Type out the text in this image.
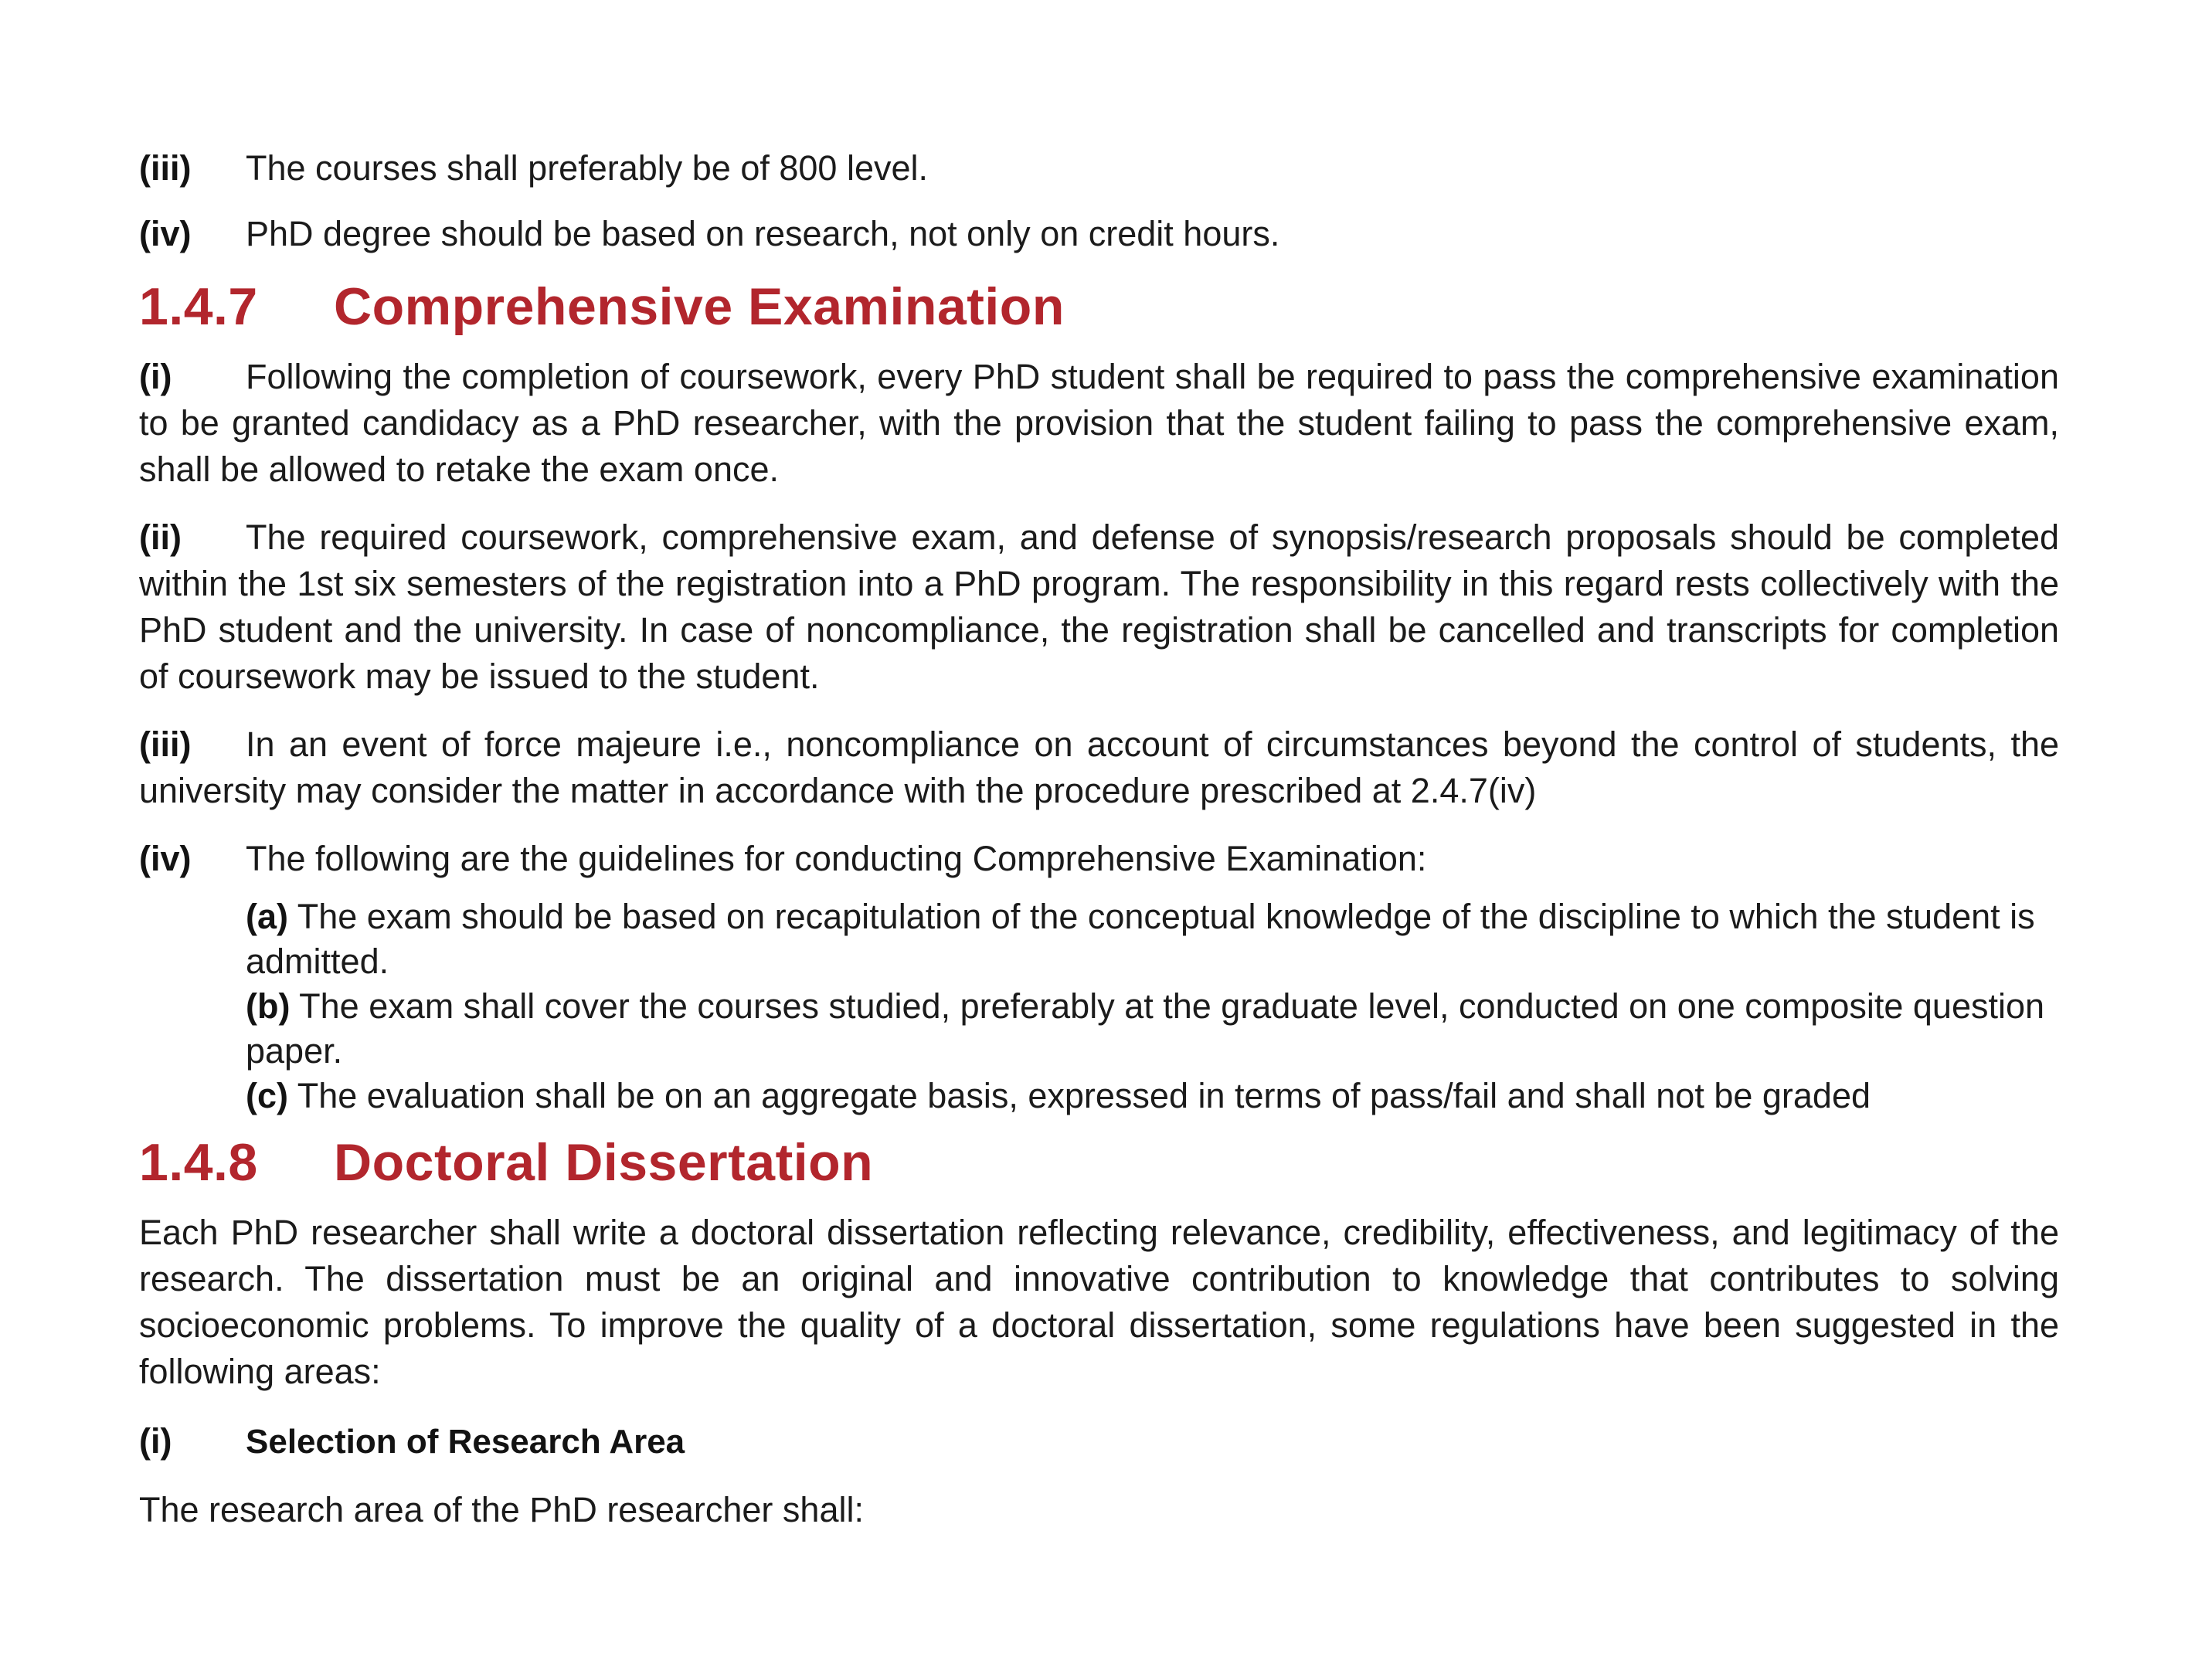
(iii) The courses shall preferably be of 800 level.

(iv) PhD degree should be based on research, not only on credit hours.

1.4.7 Comprehensive Examination

(i) Following the completion of coursework, every PhD student shall be required to pass the comprehensive examination to be granted candidacy as a PhD researcher, with the provision that the student failing to pass the comprehensive exam, shall be allowed to retake the exam once.

(ii) The required coursework, comprehensive exam, and defense of synopsis/research proposals should be completed within the 1st six semesters of the registration into a PhD program. The responsibility in this regard rests collectively with the PhD student and the university. In case of noncompliance, the registration shall be cancelled and transcripts for completion of coursework may be issued to the student.

(iii) In an event of force majeure i.e., noncompliance on account of circumstances beyond the control of students, the university may consider the matter in accordance with the procedure prescribed at 2.4.7(iv)

(iv) The following are the guidelines for conducting Comprehensive Examination:

(a) The exam should be based on recapitulation of the conceptual knowledge of the discipline to which the student is admitted.

(b) The exam shall cover the courses studied, preferably at the graduate level, conducted on one composite question paper.

(c) The evaluation shall be on an aggregate basis, expressed in terms of pass/fail and shall not be graded

1.4.8 Doctoral Dissertation

Each PhD researcher shall write a doctoral dissertation reflecting relevance, credibility, effectiveness, and legitimacy of the research. The dissertation must be an original and innovative contribution to knowledge that contributes to solving socioeconomic problems. To improve the quality of a doctoral dissertation, some regulations have been suggested in the following areas:

(i) Selection of Research Area

The research area of the PhD researcher shall:
